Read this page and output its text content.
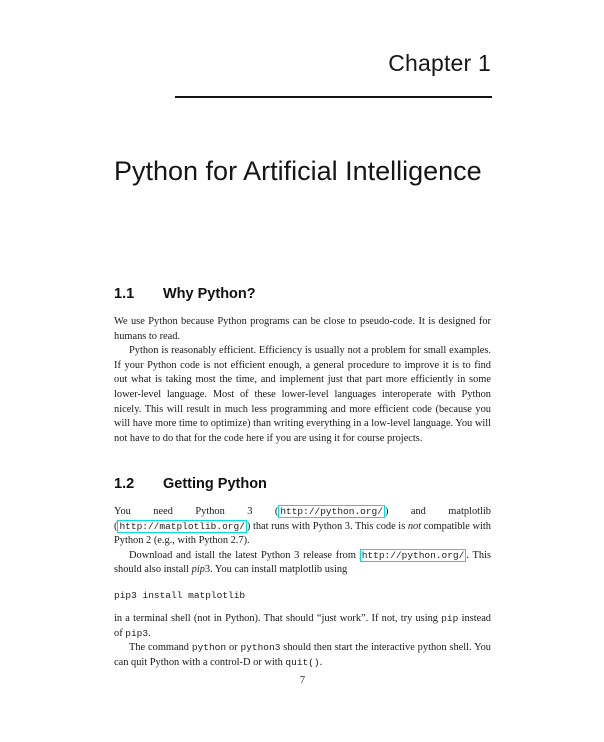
Chapter 1
Python for Artificial Intelligence
1.1 Why Python?

We use Python because Python programs can be close to pseudo-code. It is designed for humans to read.

Python is reasonably efficient. Efficiency is usually not a problem for small examples. If your Python code is not efficient enough, a general procedure to improve it is to find out what is taking most the time, and implement just that part more efficiently in some lower-level language. Most of these lower-level languages interoperate with Python nicely. This will result in much less programming and more efficient code (because you will have more time to optimize) than writing everything in a low-level language. You will not have to do that for the code here if you are using it for course projects.

1.2 Getting Python

You need Python 3 ( http://python.org/ ) and matplotlib ( http://matplotlib.org/ ) that runs with Python 3. This code is not compatible with Python 2 (e.g., with Python 2.7).

Download and istall the latest Python 3 release from http://python.org/ . This should also install pip3. You can install matplotlib using

pip3 install matplotlib

in a terminal shell (not in Python). That should “just work”. If not, try using pip instead of pip3.

The command python or python3 should then start the interactive python shell. You can quit Python with a control-D or with quit().

7
